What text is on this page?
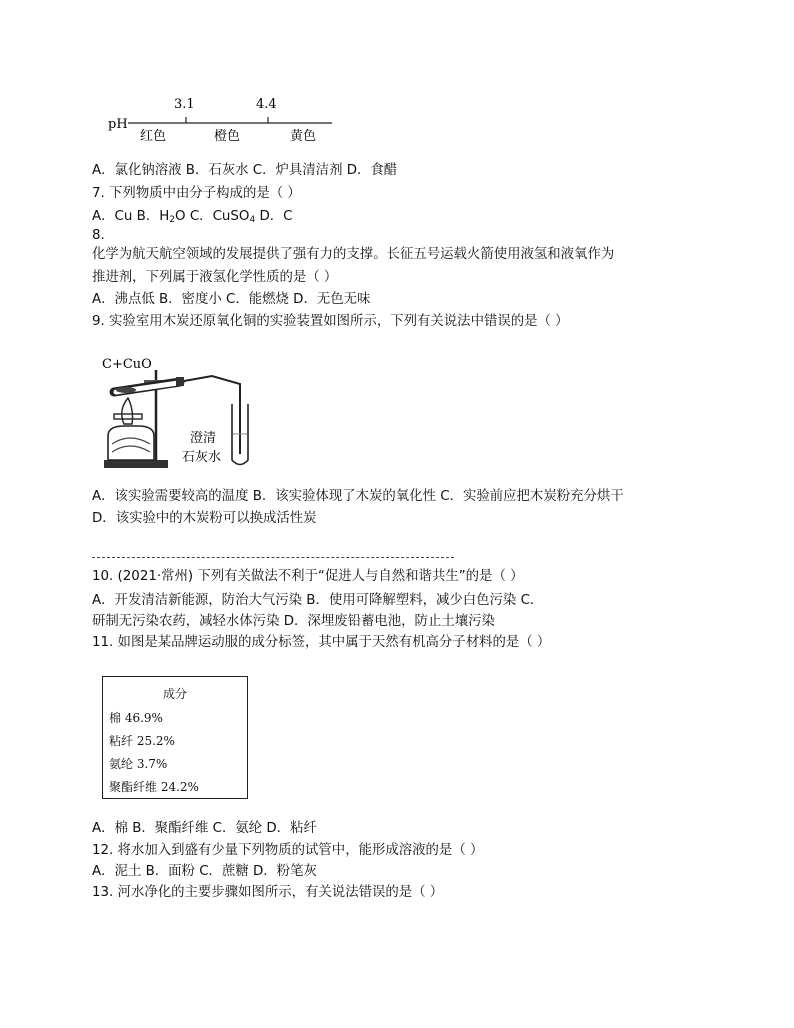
pH
3.1	4.4
红色	橙色	黄色
A．氯化钠溶液 B．石灰水 C．炉具清洁剂 D．食醋
7. 下列物质中由分子构成的是（ ）
A．Cu B．$H_2O$ C．CuSO$_4$ D．C
8.
化学为航天航空领域的发展提供了强有力的支撑。长征五号运载火箭使用液氢和液氧作为
推进剂，下列属于液氢化学性质的是（ ）
A．沸点低 B．密度小 C．能燃烧 D．无色无味
9. 实验室用木炭还原氧化铜的实验装置如图所示，下列有关说法中错误的是（ ）
C+CuO
澄清
石灰水
A．该实验需要较高的温度 B．该实验体现了木炭的氧化性 C．实验前应把木炭粉充分烘干
D．该实验中的木炭粉可以换成活性炭
10. (2021·常州) 下列有关做法不利于“促进人与自然和谐共生”的是（ ）
A．开发清洁新能源，防治大气污染 B．使用可降解塑料，减少白色污染 C．
研制无污染农药，减轻水体污染 D．深埋废铅蓄电池，防止土壤污染
11. 如图是某品牌运动服的成分标签，其中属于天然有机高分子材料的是（ ）
成分
棉 46.9%
粘纤 25.2%
氨纶 3.7%
聚酯纤维 24.2%
A．棉 B．聚酯纤维 C．氨纶 D．粘纤
12. 将水加入到盛有少量下列物质的试管中，能形成溶液的是（ ）
A．泥土 B．面粉 C．蔗糖 D．粉笔灰
13. 河水净化的主要步骤如图所示，有关说法错误的是（ ）
